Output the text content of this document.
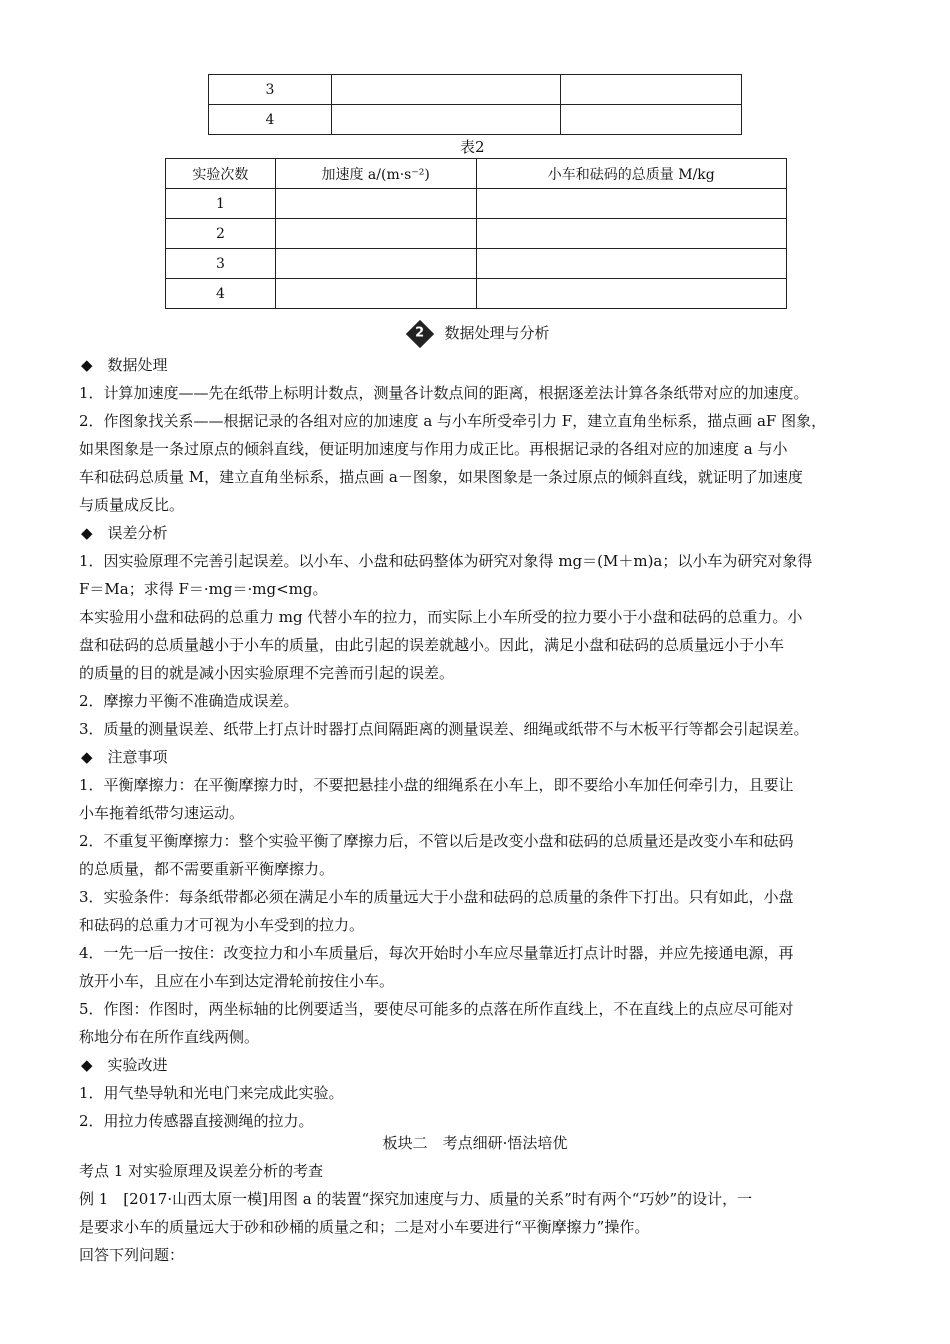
3		
4		
表2
实验次数	加速度 a/(m·s⁻²)	小车和砝码的总质量 M/kg
1		
2		
3		
4		
2 数据处理与分析
◆　数据处理
1．计算加速度——先在纸带上标明计数点，测量各计数点间的距离，根据逐差法计算各条纸带对应的加速度。
2．作图象找关系——根据记录的各组对应的加速度 a 与小车所受牵引力 F，建立直角坐标系，描点画 aF 图象，
如果图象是一条过原点的倾斜直线，便证明加速度与作用力成正比。再根据记录的各组对应的加速度 a 与小
车和砝码总质量 M，建立直角坐标系，描点画 a－图象，如果图象是一条过原点的倾斜直线，就证明了加速度
与质量成反比。
◆　误差分析
1．因实验原理不完善引起误差。以小车、小盘和砝码整体为研究对象得 mg＝(M＋m)a；以小车为研究对象得
F＝Ma；求得 F＝·mg＝·mg<mg。
本实验用小盘和砝码的总重力 mg 代替小车的拉力，而实际上小车所受的拉力要小于小盘和砝码的总重力。小
盘和砝码的总质量越小于小车的质量，由此引起的误差就越小。因此，满足小盘和砝码的总质量远小于小车
的质量的目的就是减小因实验原理不完善而引起的误差。
2．摩擦力平衡不准确造成误差。
3．质量的测量误差、纸带上打点计时器打点间隔距离的测量误差、细绳或纸带不与木板平行等都会引起误差。
◆　注意事项
1．平衡摩擦力：在平衡摩擦力时，不要把悬挂小盘的细绳系在小车上，即不要给小车加任何牵引力，且要让
小车拖着纸带匀速运动。
2．不重复平衡摩擦力：整个实验平衡了摩擦力后，不管以后是改变小盘和砝码的总质量还是改变小车和砝码
的总质量，都不需要重新平衡摩擦力。
3．实验条件：每条纸带都必须在满足小车的质量远大于小盘和砝码的总质量的条件下打出。只有如此，小盘
和砝码的总重力才可视为小车受到的拉力。
4．一先一后一按住：改变拉力和小车质量后，每次开始时小车应尽量靠近打点计时器，并应先接通电源，再
放开小车，且应在小车到达定滑轮前按住小车。
5．作图：作图时，两坐标轴的比例要适当，要使尽可能多的点落在所作直线上，不在直线上的点应尽可能对
称地分布在所作直线两侧。
◆　实验改进
1．用气垫导轨和光电门来完成此实验。
2．用拉力传感器直接测绳的拉力。
板块二　考点细研·悟法培优
考点 1 对实验原理及误差分析的考查
例 1　[2017·山西太原一模]用图 a 的装置“探究加速度与力、质量的关系”时有两个“巧妙”的设计，一
是要求小车的质量远大于砂和砂桶的质量之和；二是对小车要进行“平衡摩擦力”操作。
回答下列问题：
